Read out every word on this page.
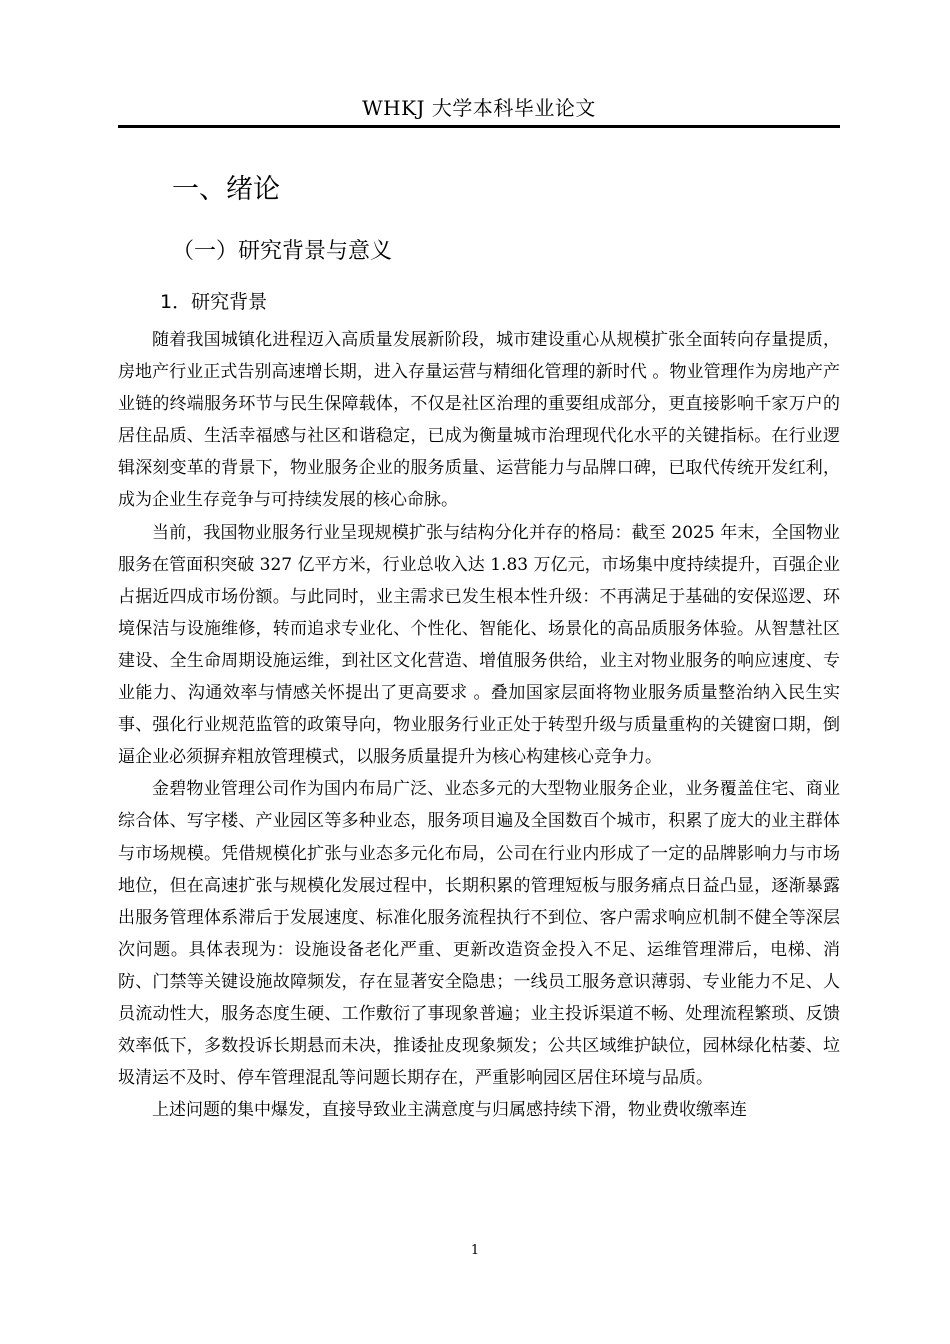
WHKJ 大学本科毕业论文
一、绪论
（一）研究背景与意义
1．研究背景

随着我国城镇化进程迈入高质量发展新阶段，城市建设重心从规模扩张全面转向存量提质，房地产行业正式告别高速增长期，进入存量运营与精细化管理的新时代 。物业管理作为房地产产业链的终端服务环节与民生保障载体，不仅是社区治理的重要组成部分，更直接影响千家万户的居住品质、生活幸福感与社区和谐稳定，已成为衡量城市治理现代化水平的关键指标。在行业逻辑深刻变革的背景下，物业服务企业的服务质量、运营能力与品牌口碑，已取代传统开发红利，成为企业生存竞争与可持续发展的核心命脉。

当前，我国物业服务行业呈现规模扩张与结构分化并存的格局：截至 2025 年末，全国物业服务在管面积突破 327 亿平方米，行业总收入达 1.83 万亿元，市场集中度持续提升，百强企业占据近四成市场份额。与此同时，业主需求已发生根本性升级：不再满足于基础的安保巡逻、环境保洁与设施维修，转而追求专业化、个性化、智能化、场景化的高品质服务体验。从智慧社区建设、全生命周期设施运维，到社区文化营造、增值服务供给，业主对物业服务的响应速度、专业能力、沟通效率与情感关怀提出了更高要求 。叠加国家层面将物业服务质量整治纳入民生实事、强化行业规范监管的政策导向，物业服务行业正处于转型升级与质量重构的关键窗口期，倒逼企业必须摒弃粗放管理模式，以服务质量提升为核心构建核心竞争力。

金碧物业管理公司作为国内布局广泛、业态多元的大型物业服务企业，业务覆盖住宅、商业综合体、写字楼、产业园区等多种业态，服务项目遍及全国数百个城市，积累了庞大的业主群体与市场规模。凭借规模化扩张与业态多元化布局，公司在行业内形成了一定的品牌影响力与市场地位，但在高速扩张与规模化发展过程中，长期积累的管理短板与服务痛点日益凸显，逐渐暴露出服务管理体系滞后于发展速度、标准化服务流程执行不到位、客户需求响应机制不健全等深层次问题。具体表现为：设施设备老化严重、更新改造资金投入不足、运维管理滞后，电梯、消防、门禁等关键设施故障频发，存在显著安全隐患；一线员工服务意识薄弱、专业能力不足、人员流动性大，服务态度生硬、工作敷衍了事现象普遍；业主投诉渠道不畅、处理流程繁琐、反馈效率低下，多数投诉长期悬而未决，推诿扯皮现象频发；公共区域维护缺位，园林绿化枯萎、垃圾清运不及时、停车管理混乱等问题长期存在，严重影响园区居住环境与品质。

上述问题的集中爆发，直接导致业主满意度与归属感持续下滑，物业费收缴率连

1
